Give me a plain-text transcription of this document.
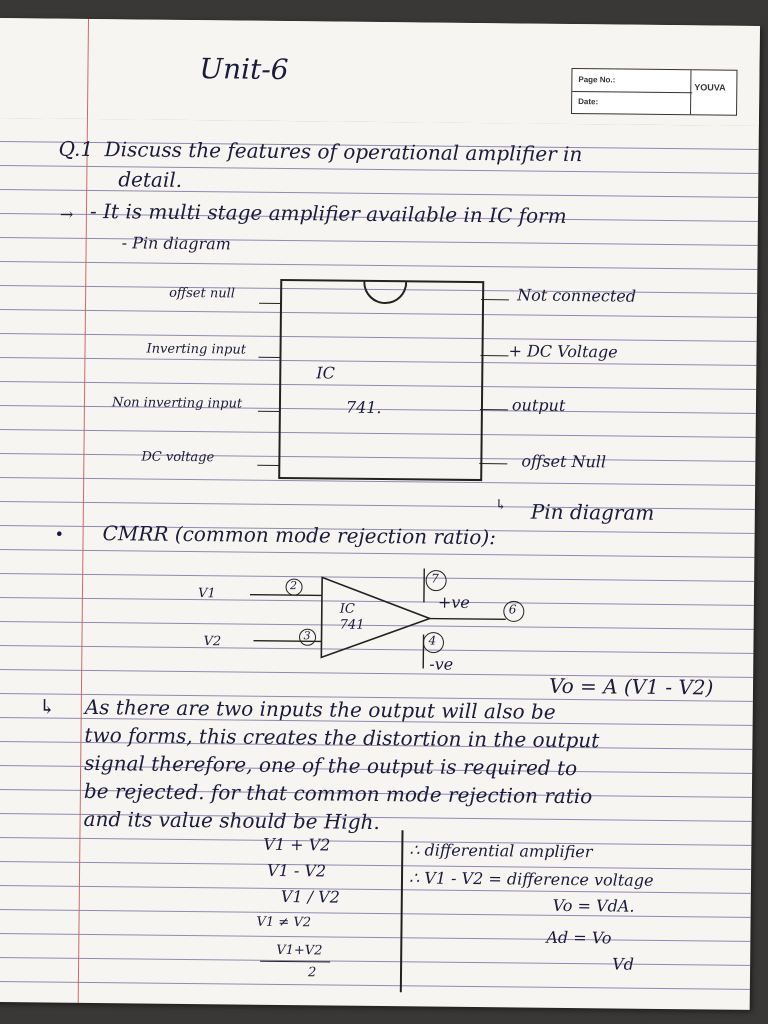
Unit-6	Page No.:
Date:
YOUVA
Q.1 Discuss the features of operational amplifier in
detail.
→ - It is multi stage amplifier available in IC form
- Pin diagram
IC
741.
offset null
Inverting input
Non inverting input
DC voltage
Not connected
+ DC Voltage
output
offset Null
↳ Pin diagram
• CMRR (common mode rejection ratio):
V1
V2
2
3
7
4
6
+ve
-ve
IC
741
Vo = A (V1 - V2)
↳ As there are two inputs the output will also be
two forms, this creates the distortion in the output
signal therefore, one of the output is required to
be rejected. for that common mode rejection ratio
and its value should be High.
V1 + V2
V1 - V2
V1 / V2
V1 ≠ V2
V1+V2
2
∴ differential amplifier
∴ V1 - V2 = difference voltage
Vo = VdA.
Ad = Vo
Vd
